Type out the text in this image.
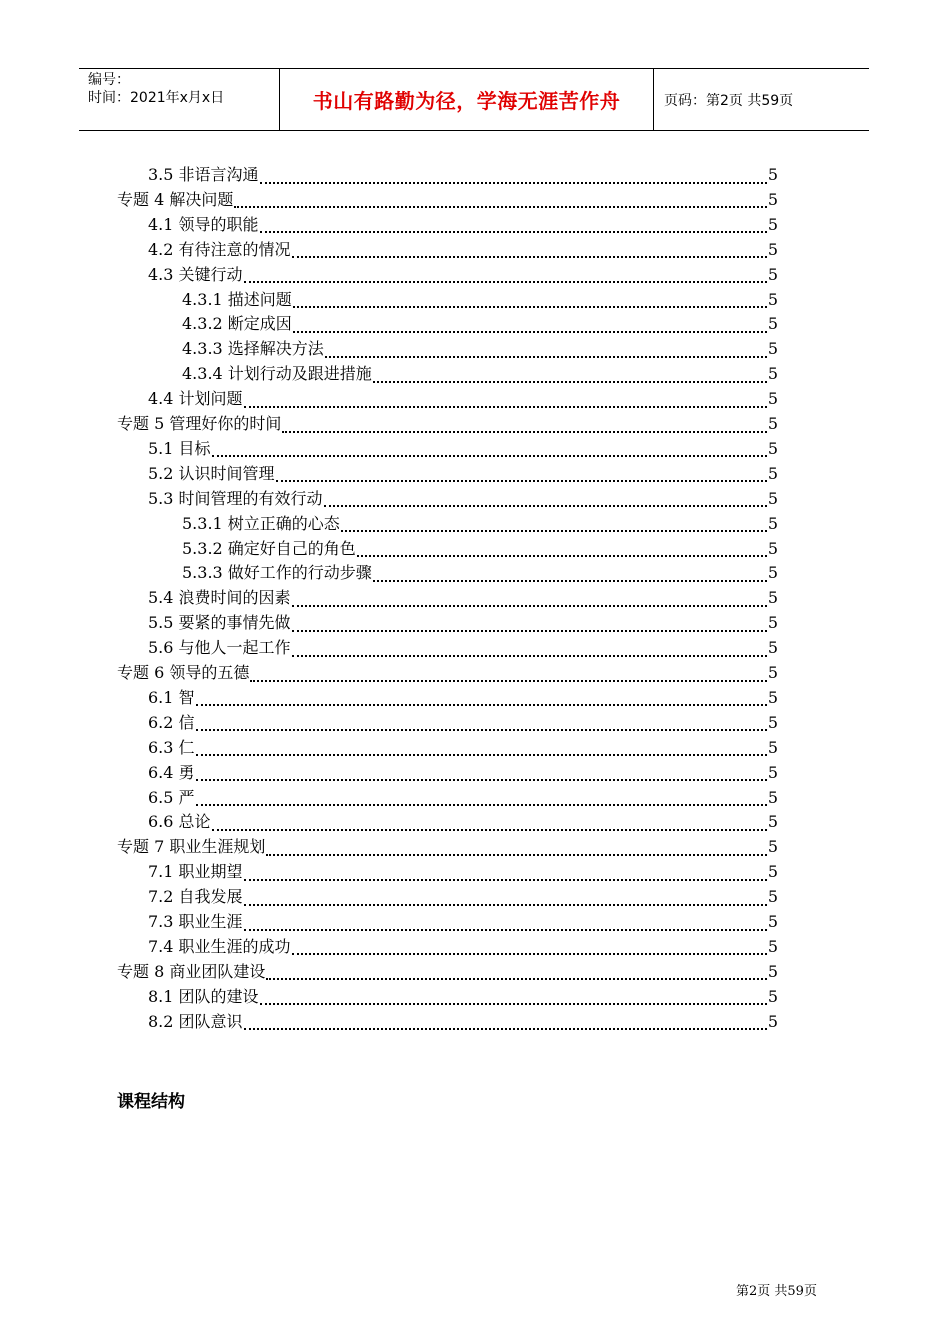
编号：
时间：2021年x月x日	书山有路勤为径，学海无涯苦作舟	页码：第2页 共59页
3.5 非语言沟通	5
专题 4 解决问题	5
4.1 领导的职能	5
4.2 有待注意的情况	5
4.3 关键行动	5
4.3.1 描述问题	5
4.3.2 断定成因	5
4.3.3 选择解决方法	5
4.3.4 计划行动及跟进措施	5
4.4 计划问题	5
专题 5 管理好你的时间	5
5.1 目标	5
5.2 认识时间管理	5
5.3 时间管理的有效行动	5
5.3.1 树立正确的心态	5
5.3.2 确定好自己的角色	5
5.3.3 做好工作的行动步骤	5
5.4 浪费时间的因素	5
5.5 要紧的事情先做	5
5.6 与他人一起工作	5
专题 6 领导的五德	5
6.1 智	5
6.2 信	5
6.3 仁	5
6.4 勇	5
6.5 严	5
6.6 总论	5
专题 7 职业生涯规划	5
7.1 职业期望	5
7.2 自我发展	5
7.3 职业生涯	5
7.4 职业生涯的成功	5
专题 8 商业团队建设	5
8.1 团队的建设	5
8.2 团队意识	5
课程结构
第2页 共59页
